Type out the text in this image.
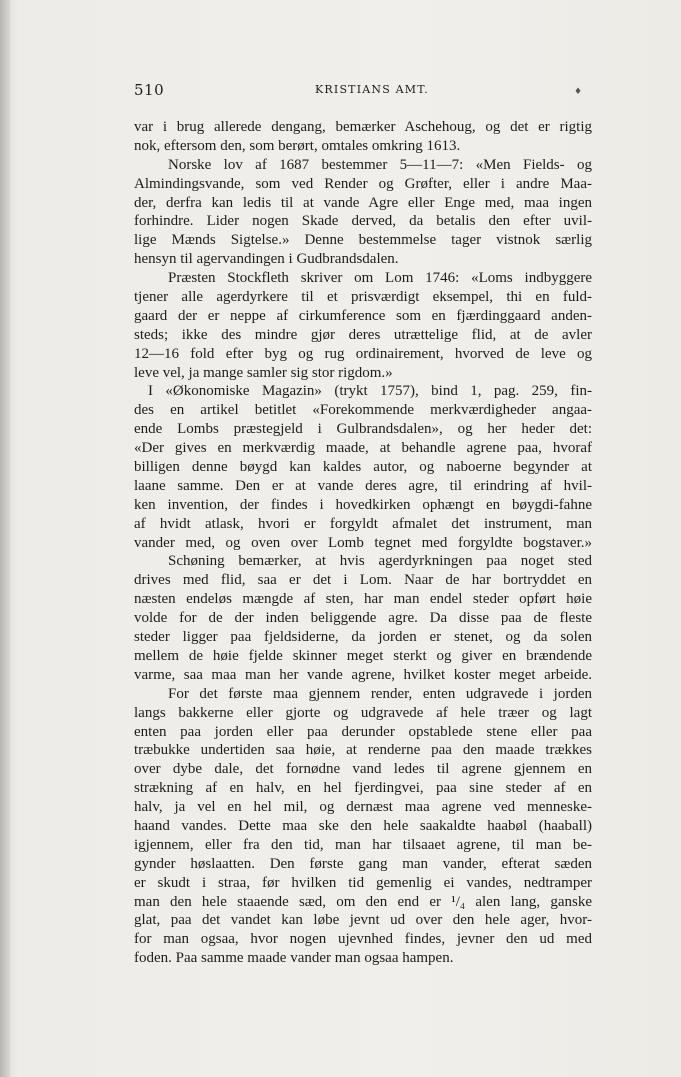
510	KRISTIANS AMT.	♦
var i brug allerede dengang, bemærker Aschehoug, og det er rigtig
nok, eftersom den, som berørt, omtales omkring 1613.
Norske lov af 1687 bestemmer 5—11—7: «Men Fields- og
Almindingsvande, som ved Render og Grøfter, eller i andre Maa-
der, derfra kan ledis til at vande Agre eller Enge med, maa ingen
forhindre. Lider nogen Skade derved, da betalis den efter uvil-
lige Mænds Sigtelse.» Denne bestemmelse tager vistnok særlig
hensyn til agervandingen i Gudbrandsdalen.
Præsten Stockfleth skriver om Lom 1746: «Loms indbyggere
tjener alle agerdyrkere til et prisværdigt eksempel, thi en fuld-
gaard der er neppe af cirkumference som en fjærdinggaard anden-
steds; ikke des mindre gjør deres utrættelige flid, at de avler
12—16 fold efter byg og rug ordinairement, hvorved de leve og
leve vel, ja mange samler sig stor rigdom.»
I «Økonomiske Magazin» (trykt 1757), bind 1, pag. 259, fin-
des en artikel betitlet «Forekommende merkværdigheder angaa-
ende Lombs præstegjeld i Gulbrandsdalen», og her heder det:
«Der gives en merkværdig maade, at behandle agrene paa, hvoraf
billigen denne bøygd kan kaldes autor, og naboerne begynder at
laane samme. Den er at vande deres agre, til erindring af hvil-
ken invention, der findes i hovedkirken ophængt en bøygdi-fahne
af hvidt atlask, hvori er forgyldt afmalet det instrument, man
vander med, og oven over Lomb tegnet med forgyldte bogstaver.»
Schøning bemærker, at hvis agerdyrkningen paa noget sted
drives med flid, saa er det i Lom. Naar de har bortryddet en
næsten endeløs mængde af sten, har man endel steder opført høie
volde for de der inden beliggende agre. Da disse paa de fleste
steder ligger paa fjeldsiderne, da jorden er stenet, og da solen
mellem de høie fjelde skinner meget sterkt og giver en brændende
varme, saa maa man her vande agrene, hvilket koster meget arbeide.
For det første maa gjennem render, enten udgravede i jorden
langs bakkerne eller gjorte og udgravede af hele træer og lagt
enten paa jorden eller paa derunder opstablede stene eller paa
træbukke undertiden saa høie, at renderne paa den maade trækkes
over dybe dale, det fornødne vand ledes til agrene gjennem en
strækning af en halv, en hel fjerdingvei, paa sine steder af en
halv, ja vel en hel mil, og dernæst maa agrene ved menneske-
haand vandes. Dette maa ske den hele saakaldte haabøl (haaball)
igjennem, eller fra den tid, man har tilsaaet agrene, til man be-
gynder høslaatten. Den første gang man vander, efterat sæden
er skudt i straa, før hvilken tid gemenlig ei vandes, nedtramper
man den hele staaende sæd, om den end er ¹/₄ alen lang, ganske
glat, paa det vandet kan løbe jevnt ud over den hele ager, hvor-
for man ogsaa, hvor nogen ujevnhed findes, jevner den ud med
foden. Paa samme maade vander man ogsaa hampen.
